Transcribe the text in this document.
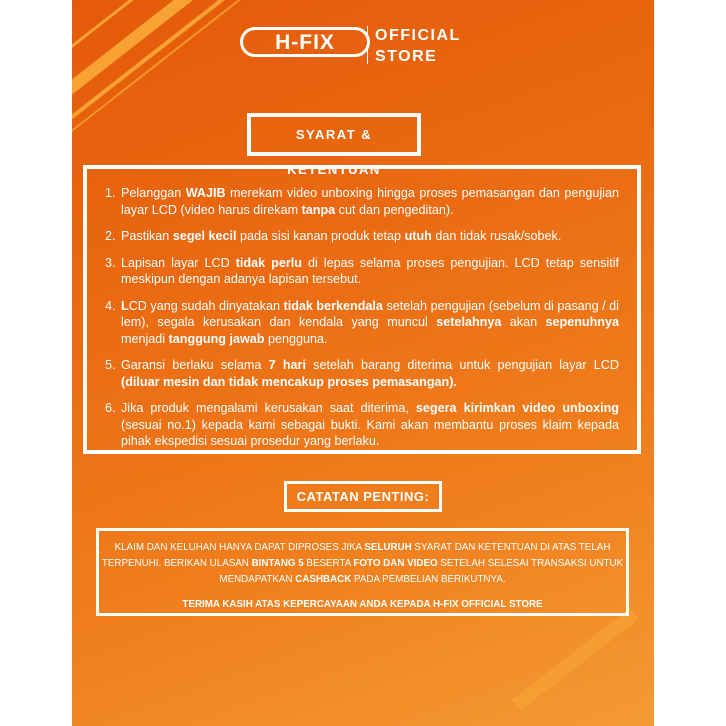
H-FIX	OFFICIAL
STORE
SYARAT & KETENTUAN
1. Pelanggan WAJIB merekam video unboxing hingga proses pemasangan dan pengujian layar LCD (video harus direkam tanpa cut dan pengeditan).
2. Pastikan segel kecil pada sisi kanan produk tetap utuh dan tidak rusak/sobek.
3. Lapisan layar LCD tidak perlu di lepas selama proses pengujian. LCD tetap sensitif meskipun dengan adanya lapisan tersebut.
4. LCD yang sudah dinyatakan tidak berkendala setelah pengujian (sebelum di pasang / di lem), segala kerusakan dan kendala yang muncul setelahnya akan sepenuhnya menjadi tanggung jawab pengguna.
5. Garansi berlaku selama 7 hari setelah barang diterima untuk pengujian layar LCD (diluar mesin dan tidak mencakup proses pemasangan).
6. Jika produk mengalami kerusakan saat diterima, segera kirimkan video unboxing (sesuai no.1) kepada kami sebagai bukti. Kami akan membantu proses klaim kepada pihak ekspedisi sesuai prosedur yang berlaku.
CATATAN PENTING:

KLAIM DAN KELUHAN HANYA DAPAT DIPROSES JIKA SELURUH SYARAT DAN KETENTUAN DI ATAS TELAH TERPENUHI. BERIKAN ULASAN BINTANG 5 BESERTA FOTO DAN VIDEO SETELAH SELESAI TRANSAKSI UNTUK MENDAPATKAN CASHBACK PADA PEMBELIAN BERIKUTNYA.

TERIMA KASIH ATAS KEPERCAYAAN ANDA KEPADA H-FIX OFFICIAL STORE
